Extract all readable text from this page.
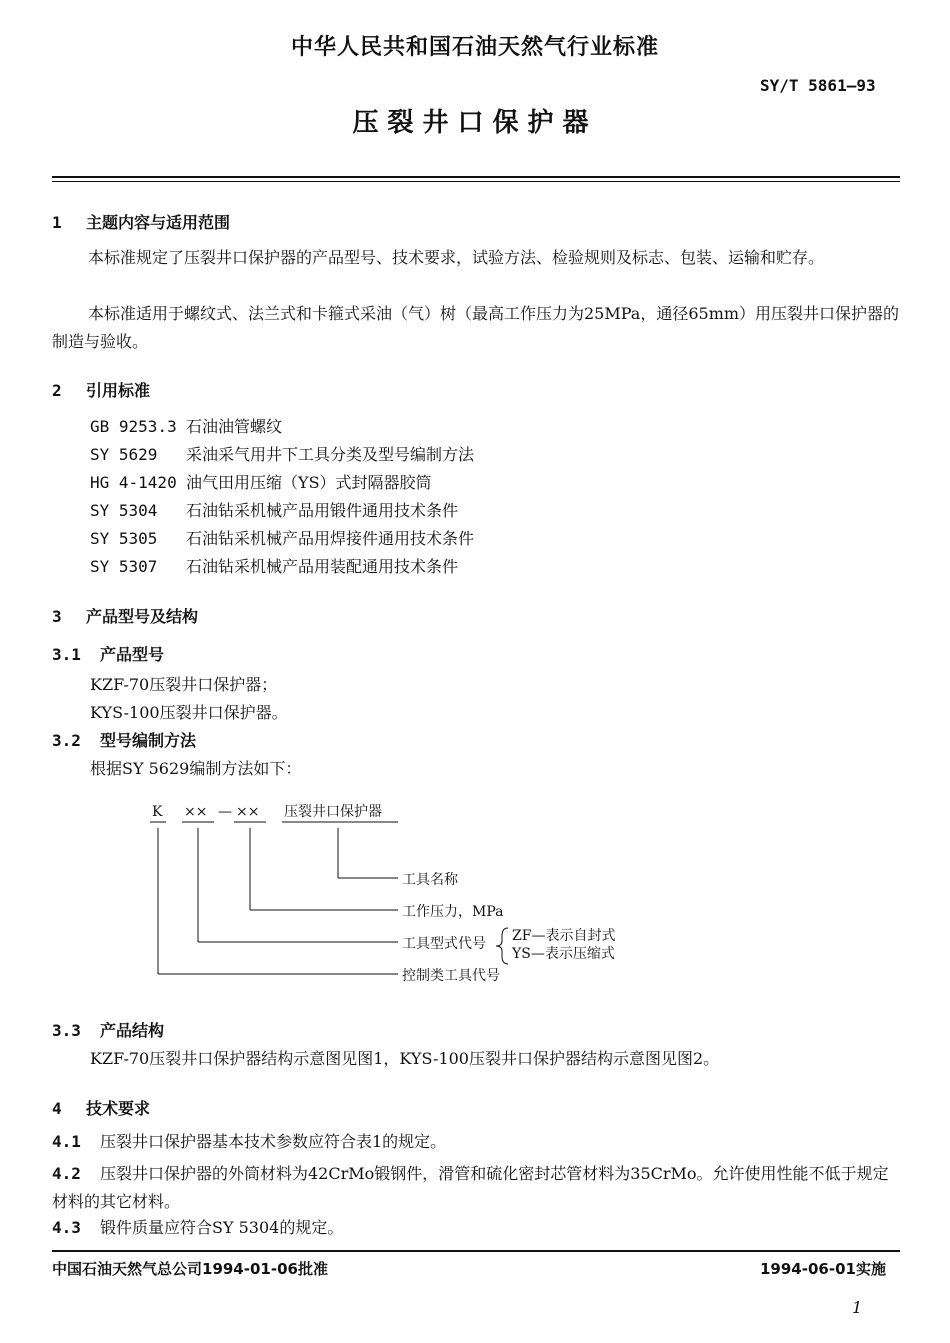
中华人民共和国石油天然气行业标准
SY/T 5861—93
压裂井口保护器
1 主题内容与适用范围
本标准规定了压裂井口保护器的产品型号、技术要求，试验方法、检验规则及标志、包装、运输和贮存。
本标准适用于螺纹式、法兰式和卡箍式采油（气）树（最高工作压力为25MPa，通径65mm）用压裂井口保护器的制造与验收。
2 引用标准
GB 9253.3 石油油管螺纹
SY 5629 采油采气用井下工具分类及型号编制方法
HG 4-1420 油气田用压缩（YS）式封隔器胶筒
SY 5304 石油钻采机械产品用锻件通用技术条件
SY 5305 石油钻采机械产品用焊接件通用技术条件
SY 5307 石油钻采机械产品用装配通用技术条件
3 产品型号及结构
3.1 产品型号
KZF-70压裂井口保护器；
KYS-100压裂井口保护器。
3.2 型号编制方法
根据SY 5629编制方法如下：
K ×× — ×× 压裂井口保护器
工具名称
工作压力，MPa
工具型式代号 ZF—表示自封式
YS—表示压缩式
控制类工具代号
3.3 产品结构
KZF-70压裂井口保护器结构示意图见图1，KYS-100压裂井口保护器结构示意图见图2。
4 技术要求
4.1 压裂井口保护器基本技术参数应符合表1的规定。
4.2 压裂井口保护器的外筒材料为42CrMo锻钢件，滑管和硫化密封芯管材料为35CrMo。允许使用性能不低于规定材料的其它材料。
4.3 锻件质量应符合SY 5304的规定。
中国石油天然气总公司1994-01-06批准	1994-06-01实施
1
